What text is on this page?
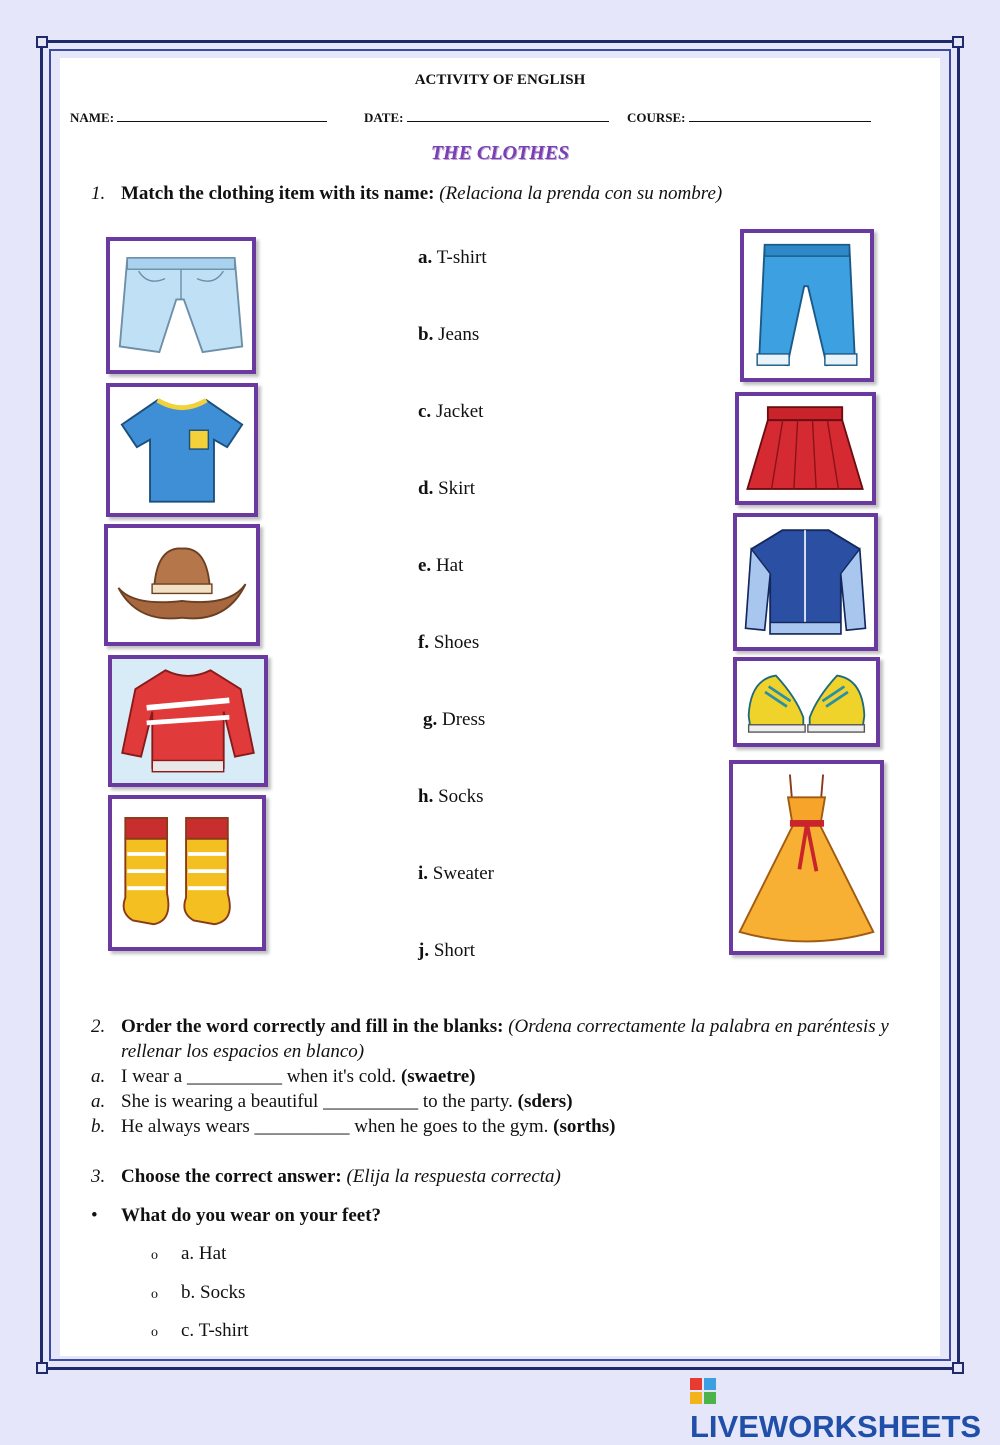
ACTIVITY OF ENGLISH
NAME:	DATE:	COURSE:
THE CLOTHES
1. Match the clothing item with its name: (Relaciona la prenda con su nombre)
a. T-shirt
b. Jeans
c. Jacket
d. Skirt
e. Hat
f. Shoes
g. Dress
h. Socks
i. Sweater
j. Short
2. Order the word correctly and fill in the blanks: (Ordena correctamente la palabra en paréntesis y
rellenar los espacios en blanco)
a. I wear a __________ when it's cold. (swaetre)
a. She is wearing a beautiful __________ to the party. (sders)
b. He always wears __________ when he goes to the gym. (sorths)
3. Choose the correct answer: (Elija la respuesta correcta)
• What do you wear on your feet?
o a. Hat
o b. Socks
o c. T-shirt
LIVEWORKSHEETS
